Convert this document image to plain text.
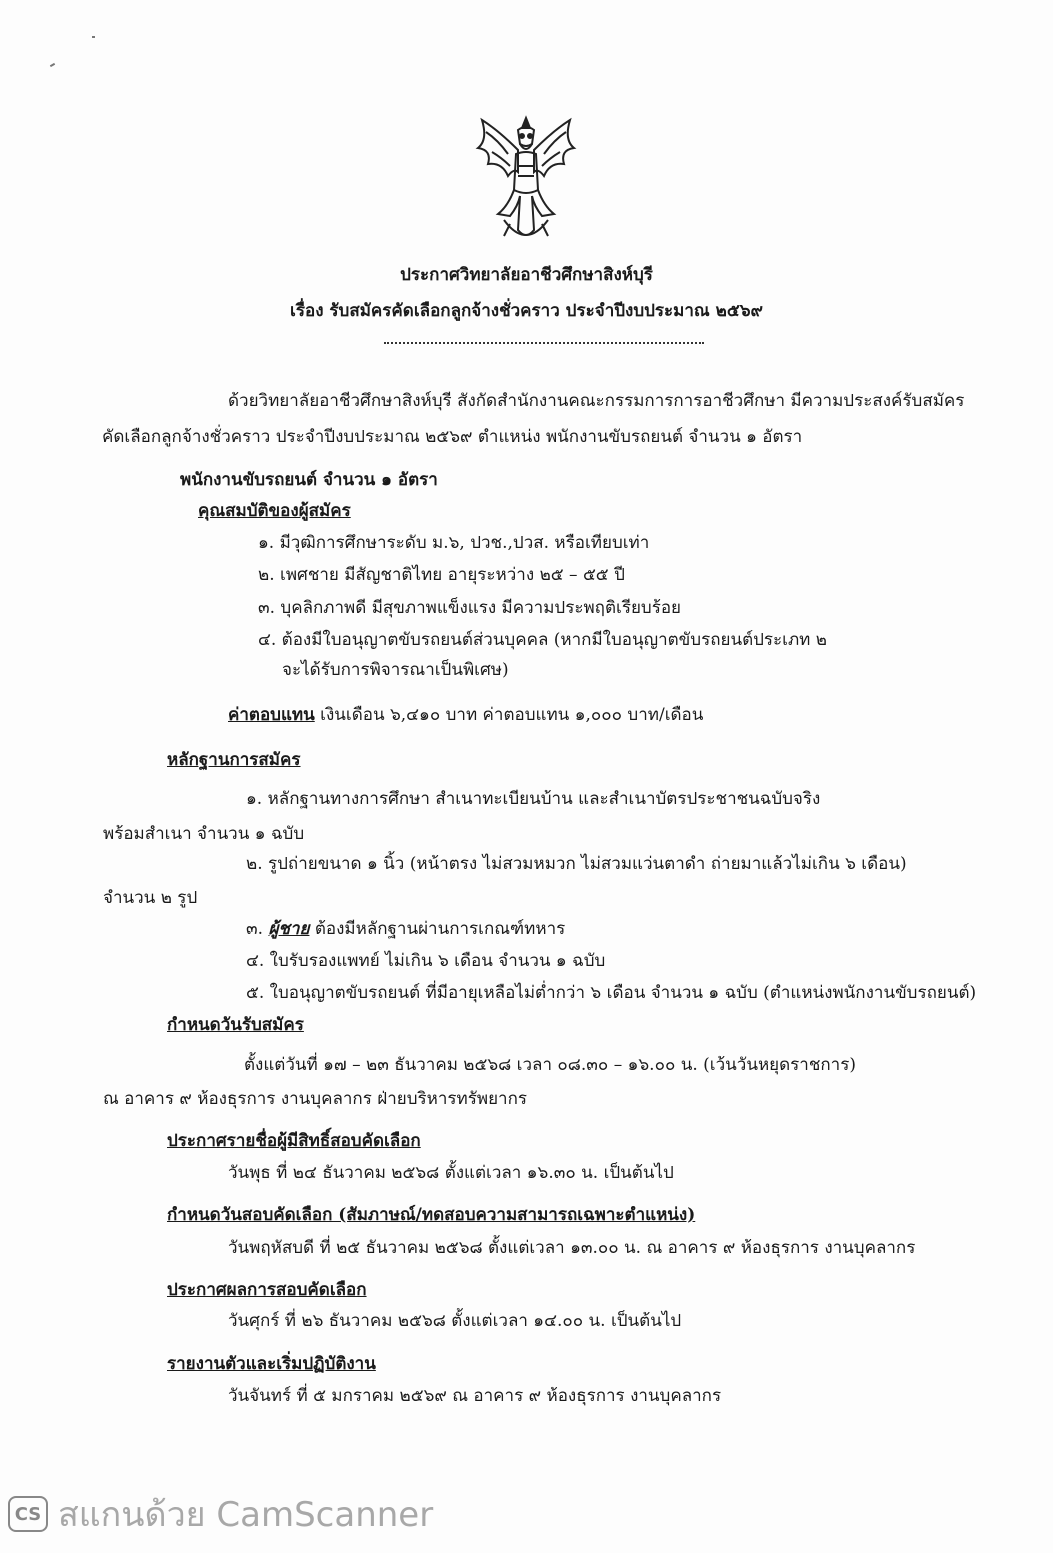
ประกาศวิทยาลัยอาชีวศึกษาสิงห์บุรี
เรื่อง รับสมัครคัดเลือกลูกจ้างชั่วคราว ประจำปีงบประมาณ ๒๕๖๙
ด้วยวิทยาลัยอาชีวศึกษาสิงห์บุรี สังกัดสำนักงานคณะกรรมการการอาชีวศึกษา มีความประสงค์รับสมัคร
คัดเลือกลูกจ้างชั่วคราว ประจำปีงบประมาณ ๒๕๖๙ ตำแหน่ง พนักงานขับรถยนต์ จำนวน ๑ อัตรา
พนักงานขับรถยนต์ จำนวน ๑ อัตรา
คุณสมบัติของผู้สมัคร
๑. มีวุฒิการศึกษาระดับ ม.๖, ปวช.,ปวส. หรือเทียบเท่า
๒. เพศชาย มีสัญชาติไทย อายุระหว่าง ๒๕ – ๕๕ ปี
๓. บุคลิกภาพดี มีสุขภาพแข็งแรง มีความประพฤติเรียบร้อย
๔. ต้องมีใบอนุญาตขับรถยนต์ส่วนบุคคล (หากมีใบอนุญาตขับรถยนต์ประเภท ๒
จะได้รับการพิจารณาเป็นพิเศษ)
ค่าตอบแทน เงินเดือน ๖,๔๑๐ บาท ค่าตอบแทน ๑,๐๐๐ บาท/เดือน
หลักฐานการสมัคร
๑. หลักฐานทางการศึกษา สำเนาทะเบียนบ้าน และสำเนาบัตรประชาชนฉบับจริง
พร้อมสำเนา จำนวน ๑ ฉบับ
๒. รูปถ่ายขนาด ๑ นิ้ว (หน้าตรง ไม่สวมหมวก ไม่สวมแว่นตาดำ ถ่ายมาแล้วไม่เกิน ๖ เดือน)
จำนวน ๒ รูป
๓. ผู้ชาย ต้องมีหลักฐานผ่านการเกณฑ์ทหาร
๔. ใบรับรองแพทย์ ไม่เกิน ๖ เดือน จำนวน ๑ ฉบับ
๕. ใบอนุญาตขับรถยนต์ ที่มีอายุเหลือไม่ต่ำกว่า ๖ เดือน จำนวน ๑ ฉบับ (ตำแหน่งพนักงานขับรถยนต์)
กำหนดวันรับสมัคร
ตั้งแต่วันที่ ๑๗ – ๒๓ ธันวาคม ๒๕๖๘ เวลา ๐๘.๓๐ – ๑๖.๐๐ น. (เว้นวันหยุดราชการ)
ณ อาคาร ๙ ห้องธุรการ งานบุคลากร ฝ่ายบริหารทรัพยากร
ประกาศรายชื่อผู้มีสิทธิ์สอบคัดเลือก
วันพุธ ที่ ๒๔ ธันวาคม ๒๕๖๘ ตั้งแต่เวลา ๑๖.๓๐ น. เป็นต้นไป
กำหนดวันสอบคัดเลือก (สัมภาษณ์/ทดสอบความสามารถเฉพาะตำแหน่ง)
วันพฤหัสบดี ที่ ๒๕ ธันวาคม ๒๕๖๘ ตั้งแต่เวลา ๑๓.๐๐ น. ณ อาคาร ๙ ห้องธุรการ งานบุคลากร
ประกาศผลการสอบคัดเลือก
วันศุกร์ ที่ ๒๖ ธันวาคม ๒๕๖๘ ตั้งแต่เวลา ๑๔.๐๐ น. เป็นต้นไป
รายงานตัวและเริ่มปฏิบัติงาน
วันจันทร์ ที่ ๕ มกราคม ๒๕๖๙ ณ อาคาร ๙ ห้องธุรการ งานบุคลากร
CS สแกนด้วย CamScanner
